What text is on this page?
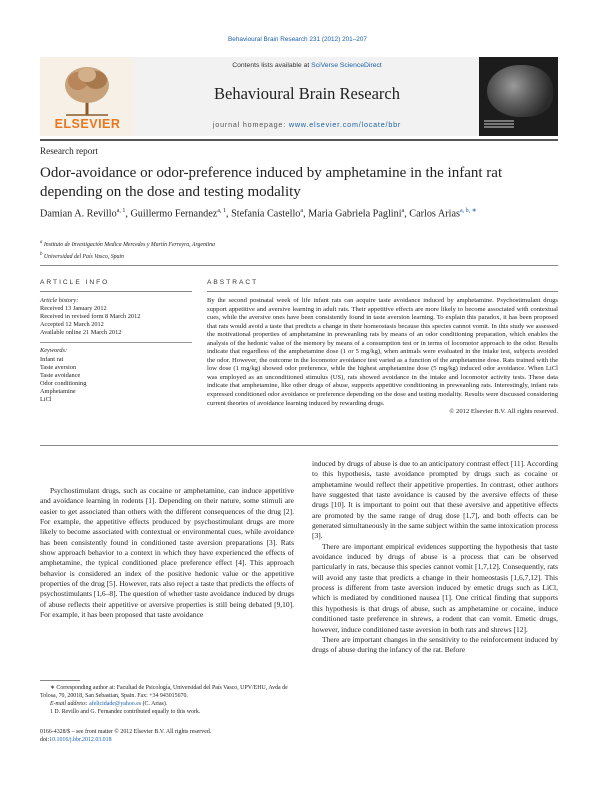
Behavioural Brain Research 231 (2012) 201–207
ELSEVIER
Contents lists available at SciVerse ScienceDirect
Behavioural Brain Research
journal homepage: www.elsevier.com/locate/bbr
Research report
Odor-avoidance or odor-preference induced by amphetamine in the infant rat depending on the dose and testing modality
Damian A. Revillo$^{a, 1}$, Guillermo Fernandez$^{a, 1}$, Stefania Castello$^a$, Maria Gabriela Paglini$^a$, Carlos Arias$^{a, b, ∗}$
$^a$ Instituto de Investigación Medica Mercedes y Martín Ferreyra, Argentina
$^b$ Universidad del País Vasco, Spain
ARTICLE INFO
Article history:
Received 13 January 2012
Received in revised form 8 March 2012
Accepted 12 March 2012
Available online 21 March 2012
Keywords:
Infant rat
Taste aversion
Taste avoidance
Odor conditioning
Amphetamine
LiCl
ABSTRACT
By the second postnatal week of life infant rats can acquire taste avoidance induced by amphetamine. Psychostimulant drugs support appetitive and aversive learning in adult rats. Their appetitive effects are more likely to become associated with contextual cues, while the aversive ones have been consistently found in taste aversion learning. To explain this paradox, it has been proposed that rats would avoid a taste that predicts a change in their homeostasis because this species cannot vomit. In this study we assessed the motivational properties of amphetamine in preweanling rats by means of an odor conditioning preparation, which enables the analysis of the hedonic value of the memory by means of a consumption test or in terms of locomotor approach to the odor. Results indicate that regardless of the amphetamine dose (1 or 5 mg/kg), when animals were evaluated in the intake test, subjects avoided the odor. However, the outcome in the locomotor avoidance test varied as a function of the amphetamine dose. Rats trained with the low dose (1 mg/kg) showed odor preference, while the highest amphetamine dose (5 mg/kg) induced odor avoidance. When LiCl was employed as an unconditioned stimulus (US), rats showed avoidance in the intake and locomotor activity tests. These data indicate that amphetamine, like other drugs of abuse, supports appetitive conditioning in preweanling rats. Interestingly, infant rats expressed conditioned odor avoidance or preference depending on the dose and testing modality. Results were discussed considering current theories of avoidance learning induced by rewarding drugs.
© 2012 Elsevier B.V. All rights reserved.

Psychostimulant drugs, such as cocaine or amphetamine, can induce appetitive and avoidance learning in rodents [1]. Depending on their nature, some stimuli are easier to get associated than others with the different consequences of the drug [2]. For example, the appetitive effects produced by psychostimulant drugs are more likely to become associated with contextual or environmental cues, while avoidance has been consistently found in conditioned taste aversion preparations [3]. Rats show approach behavior to a context in which they have experienced the effects of amphetamine, the typical conditioned place preference effect [4]. This approach behavior is considered an index of the positive hedonic value or the appetitive properties of the drug [5]. However, rats also reject a taste that predicts the effects of psychostimulants [1,6–8]. The question of whether taste avoidance induced by drugs of abuse reflects their appetitive or aversive properties is still being debated [9,10]. For example, it has been proposed that taste avoidance

induced by drugs of abuse is due to an anticipatory contrast effect [11]. According to this hypothesis, taste avoidance prompted by drugs such as cocaine or amphetamine would reflect their appetitive properties. In contrast, other authors have suggested that taste avoidance is caused by the aversive effects of these drugs [10]. It is important to point out that these aversive and appetitive effects are promoted by the same range of drug dose [1,7], and both effects can be generated simultaneously in the same subject within the same intoxication process [3].

There are important empirical evidences supporting the hypothesis that taste avoidance induced by drugs of abuse is a process that can be observed particularly in rats, because this species cannot vomit [1,7,12]. Consequently, rats will avoid any taste that predicts a change in their homeostasis [1,6,7,12]. This process is different from taste aversion induced by emetic drugs such as LiCl, which is mediated by conditioned nausea [1]. One critical finding that supports this hypothesis is that drugs of abuse, such as amphetamine or cocaine, induce conditioned taste preference in shrews, a rodent that can vomit. Emetic drugs, however, induce conditioned taste aversion in both rats and shrews [12].

There are important changes in the sensitivity to the reinforcement induced by drugs of abuse during the infancy of the rat. Before

∗ Corresponding author at: Facultad de Psicología, Universidad del País Vasco, UPV/EHU, Avda de Tolosa, 70, 20018, San Sebastian, Spain. Fax: +34 943015670.
E-mail address: afelicidade@yahoo.es (C. Arias).
1 D. Revillo and G. Fernandez contributed equally to this work.
0166-4328/$ – see front matter © 2012 Elsevier B.V. All rights reserved.
doi:10.1016/j.bbr.2012.03.018
